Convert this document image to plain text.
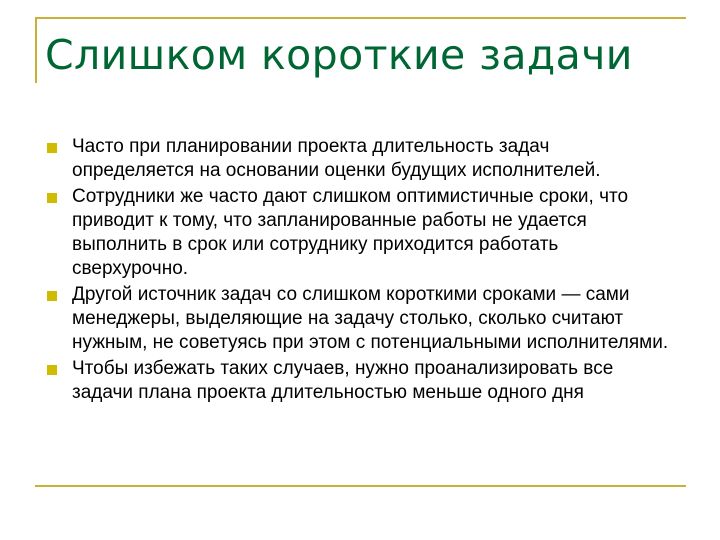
Слишком короткие задачи
Часто при планировании проекта длительность задач определяется на основании оценки будущих исполнителей.
Сотрудники же часто дают слишком оптимистичные сроки, что приводит к тому, что запланированные работы не удается выполнить в срок или сотруднику приходится работать сверхурочно.
Другой источник задач со слишком короткими сроками — сами менеджеры, выделяющие на задачу столько, сколько считают нужным, не советуясь при этом с потенциальными исполнителями.
Чтобы избежать таких случаев, нужно проанализировать все задачи плана проекта длительностью меньше одного дня
